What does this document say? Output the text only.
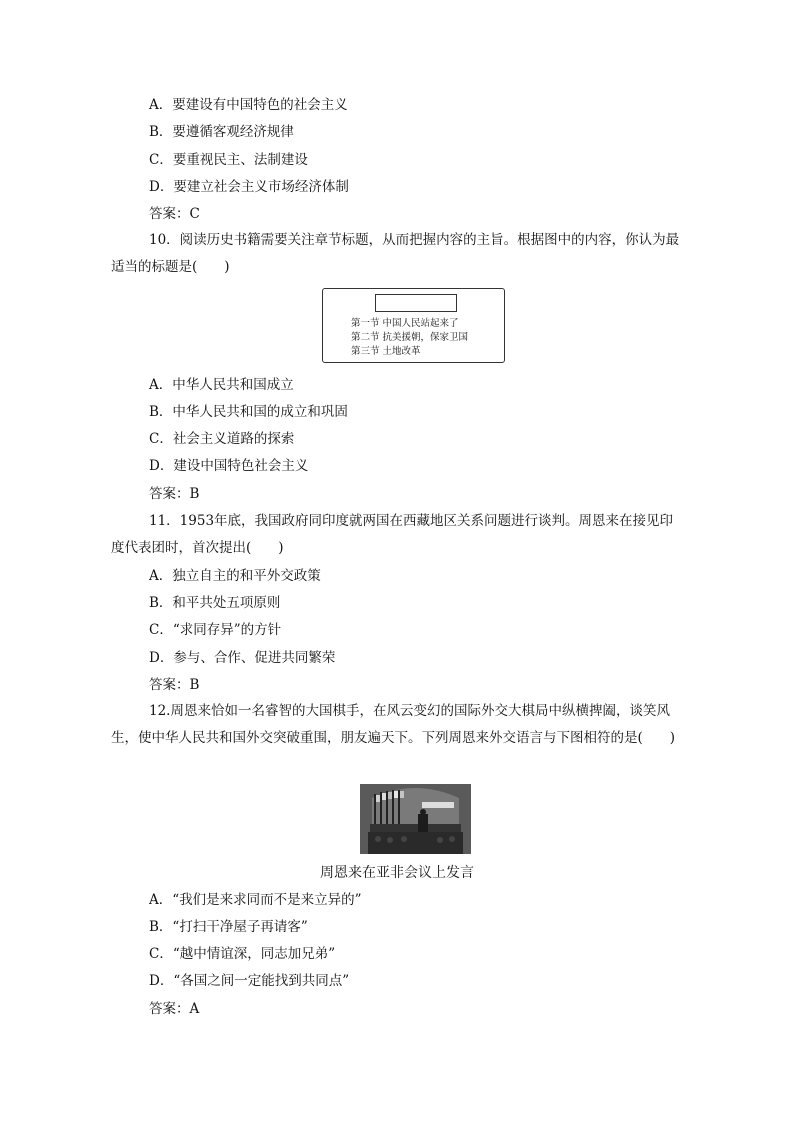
A．要建设有中国特色的社会主义
B．要遵循客观经济规律
C．要重视民主、法制建设
D．要建立社会主义市场经济体制
答案：C
10．阅读历史书籍需要关注章节标题，从而把握内容的主旨。根据图中的内容，你认为最适当的标题是(　　)
第一节 中国人民站起来了
第二节 抗美援朝，保家卫国
第三节 土地改革
A．中华人民共和国成立
B．中华人民共和国的成立和巩固
C．社会主义道路的探索
D．建设中国特色社会主义
答案：B
11．1953年底，我国政府同印度就两国在西藏地区关系问题进行谈判。周恩来在接见印度代表团时，首次提出(　　)
A．独立自主的和平外交政策
B．和平共处五项原则
C．“求同存异”的方针
D．参与、合作、促进共同繁荣
答案：B
12.周恩来恰如一名睿智的大国棋手，在风云变幻的国际外交大棋局中纵横捭阖，谈笑风生，使中华人民共和国外交突破重围，朋友遍天下。下列周恩来外交语言与下图相符的是(　　)
周恩来在亚非会议上发言
A．“我们是来求同而不是来立异的”
B．“打扫干净屋子再请客”
C．“越中情谊深，同志加兄弟”
D．“各国之间一定能找到共同点”
答案：A
